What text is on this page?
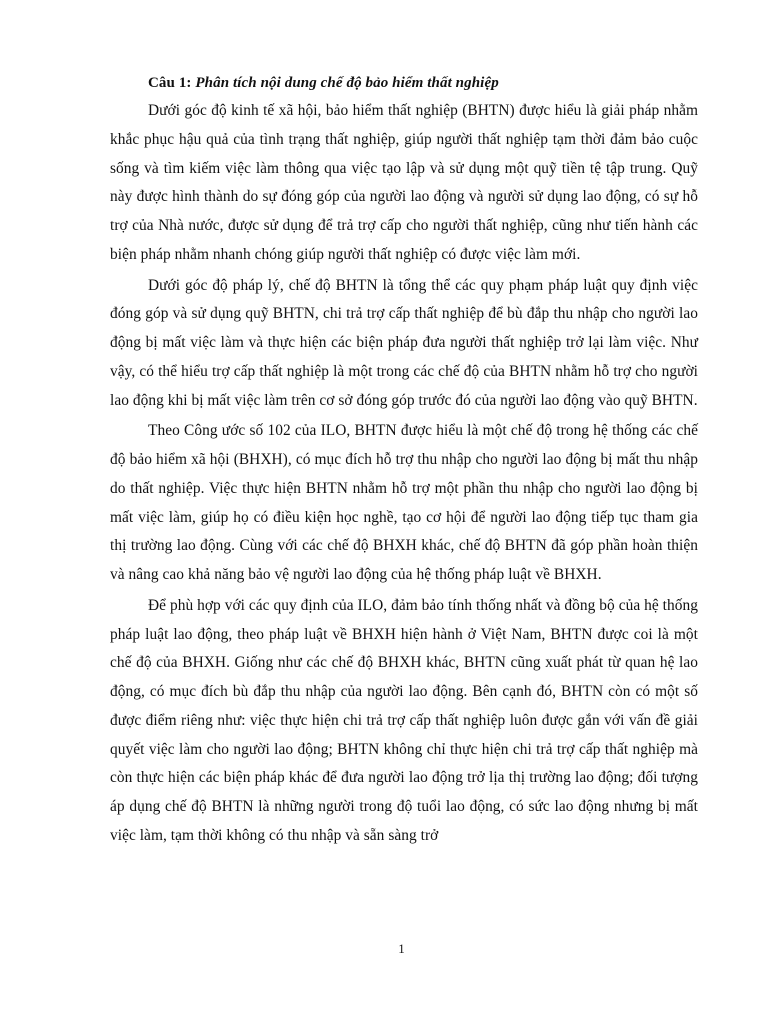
Câu 1: Phân tích nội dung chế độ bảo hiểm thất nghiệp

Dưới góc độ kinh tế xã hội, bảo hiểm thất nghiệp (BHTN) được hiểu là giải pháp nhằm khắc phục hậu quả của tình trạng thất nghiệp, giúp người thất nghiệp tạm thời đảm bảo cuộc sống và tìm kiếm việc làm thông qua việc tạo lập và sử dụng một quỹ tiền tệ tập trung. Quỹ này được hình thành do sự đóng góp của người lao động và người sử dụng lao động, có sự hỗ trợ của Nhà nước, được sử dụng để trả trợ cấp cho người thất nghiệp, cũng như tiến hành các biện pháp nhằm nhanh chóng giúp người thất nghiệp có được việc làm mới.

Dưới góc độ pháp lý, chế độ BHTN là tổng thể các quy phạm pháp luật quy định việc đóng góp và sử dụng quỹ BHTN, chi trả trợ cấp thất nghiệp để bù đắp thu nhập cho người lao động bị mất việc làm và thực hiện các biện pháp đưa người thất nghiệp trở lại làm việc. Như vậy, có thể hiểu trợ cấp thất nghiệp là một trong các chế độ của BHTN nhằm hỗ trợ cho người lao động khi bị mất việc làm trên cơ sở đóng góp trước đó của người lao động vào quỹ BHTN.

Theo Công ước số 102 của ILO, BHTN được hiểu là một chế độ trong hệ thống các chế độ bảo hiểm xã hội (BHXH), có mục đích hỗ trợ thu nhập cho người lao động bị mất thu nhập do thất nghiệp. Việc thực hiện BHTN nhằm hỗ trợ một phần thu nhập cho người lao động bị mất việc làm, giúp họ có điều kiện học nghề, tạo cơ hội để người lao động tiếp tục tham gia thị trường lao động. Cùng với các chế độ BHXH khác, chế độ BHTN đã góp phần hoàn thiện và nâng cao khả năng bảo vệ người lao động của hệ thống pháp luật về BHXH.

Để phù hợp với các quy định của ILO, đảm bảo tính thống nhất và đồng bộ của hệ thống pháp luật lao động, theo pháp luật về BHXH hiện hành ở Việt Nam, BHTN được coi là một chế độ của BHXH. Giống như các chế độ BHXH khác, BHTN cũng xuất phát từ quan hệ lao động, có mục đích bù đắp thu nhập của người lao động. Bên cạnh đó, BHTN còn có một số được điểm riêng như: việc thực hiện chi trả trợ cấp thất nghiệp luôn được gắn với vấn đề giải quyết việc làm cho người lao động; BHTN không chỉ thực hiện chi trả trợ cấp thất nghiệp mà còn thực hiện các biện pháp khác để đưa người lao động trở lịa thị trường lao động; đối tượng áp dụng chế độ BHTN là những người trong độ tuổi lao động, có sức lao động nhưng bị mất việc làm, tạm thời không có thu nhập và sẵn sàng trở

1
